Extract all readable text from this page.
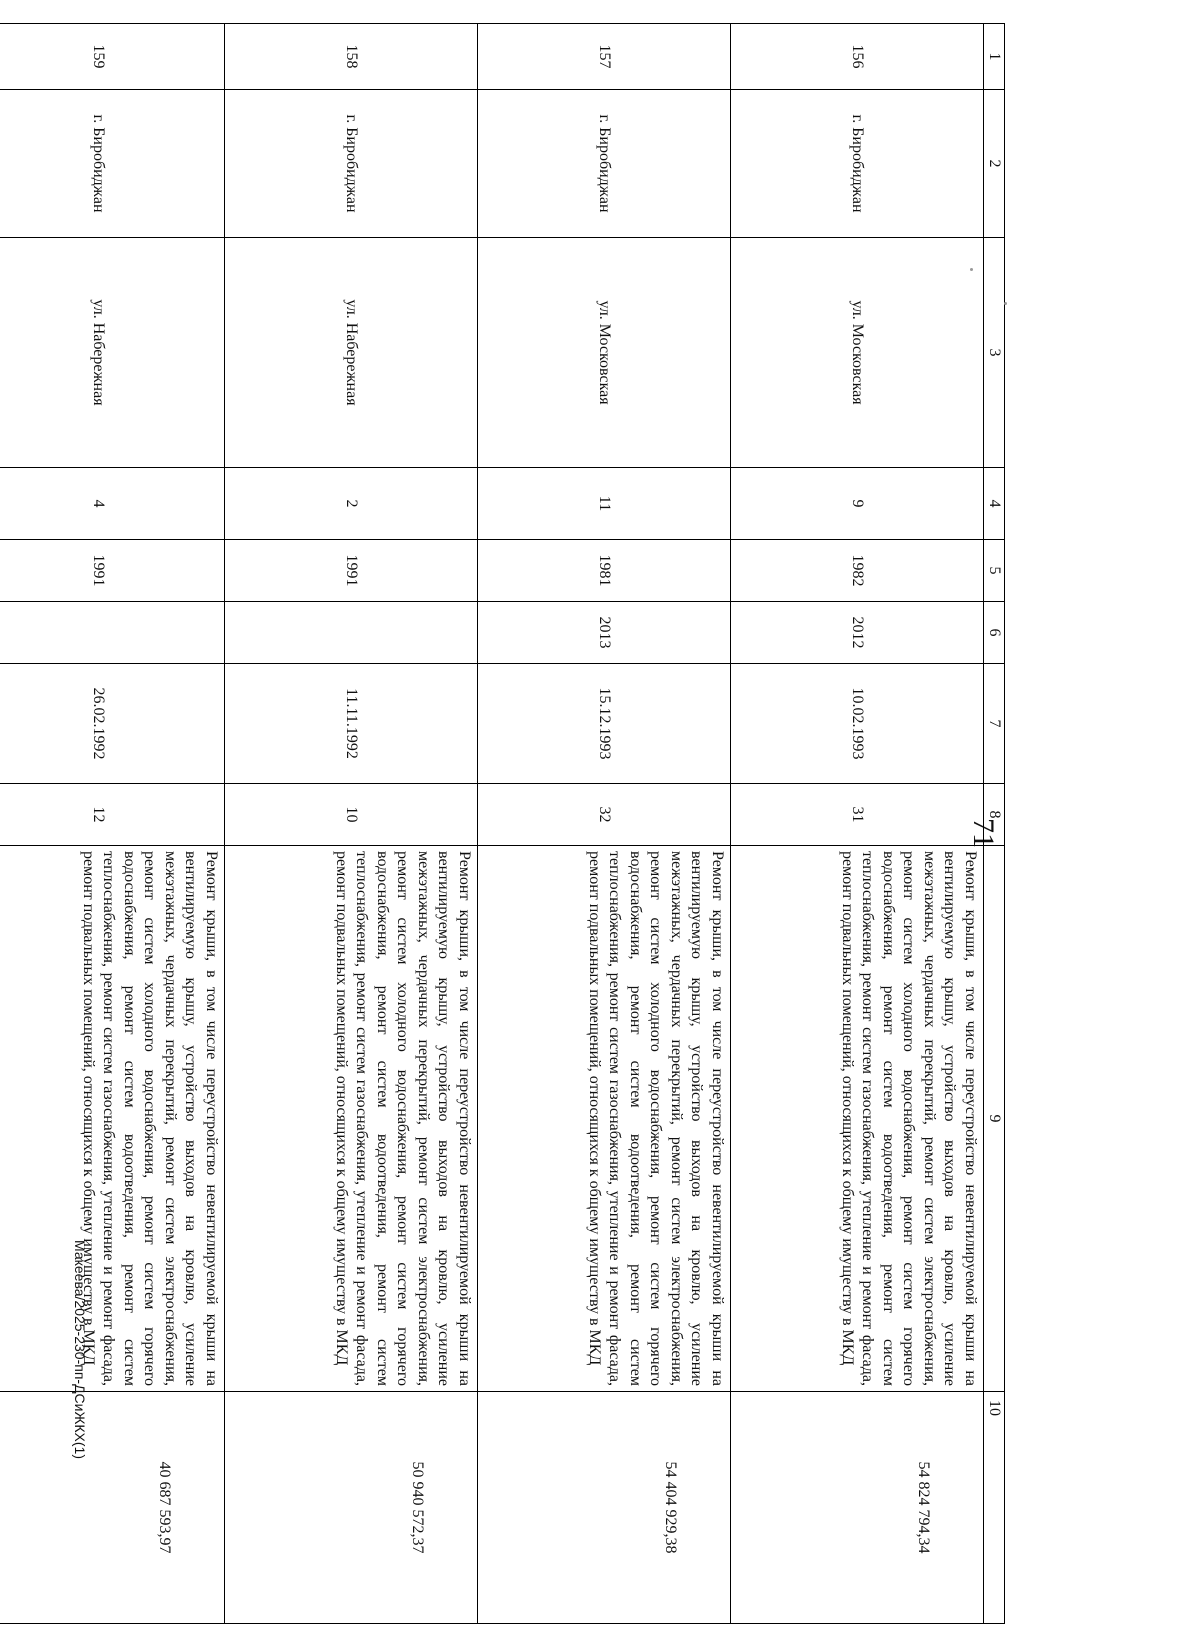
71
1	2	3	4	5	6	7	8	9	10
156	г. Биробиджан	ул. Московская	9	1982	2012	10.02.1993	31	Ремонт крыши, в том числе переустройство невентилируемой крыши на вентилируемую крышу, устройство выходов на кровлю, усиление межэтажных, чердачных перекрытий, ремонт систем электроснабжения, ремонт систем холодного водоснабжения, ремонт систем горячего водоснабжения, ремонт систем водоотведения, ремонт систем теплоснабжения, ремонт систем газоснабжения, утепление и ремонт фасада, ремонт подвальных помещений, относящихся к общему имуществу в МКД	54 824 794,34
157	г. Биробиджан	ул. Московская	11	1981	2013	15.12.1993	32	Ремонт крыши, в том числе переустройство невентилируемой крыши на вентилируемую крышу, устройство выходов на кровлю, усиление межэтажных, чердачных перекрытий, ремонт систем электроснабжения, ремонт систем холодного водоснабжения, ремонт систем горячего водоснабжения, ремонт систем водоотведения, ремонт систем теплоснабжения, ремонт систем газоснабжения, утепление и ремонт фасада, ремонт подвальных помещений, относящихся к общему имуществу в МКД	54 404 929,38
158	г. Биробиджан	ул. Набережная	2	1991		11.11.1992	10	Ремонт крыши, в том числе переустройство невентилируемой крыши на вентилируемую крышу, устройство выходов на кровлю, усиление межэтажных, чердачных перекрытий, ремонт систем электроснабжения, ремонт систем холодного водоснабжения, ремонт систем горячего водоснабжения, ремонт систем водоотведения, ремонт систем теплоснабжения, ремонт систем газоснабжения, утепление и ремонт фасада, ремонт подвальных помещений, относящихся к общему имуществу в МКД	50 940 572,37
159	г. Биробиджан	ул. Набережная	4	1991		26.02.1992	12	Ремонт крыши, в том числе переустройство невентилируемой крыши на вентилируемую крышу, устройство выходов на кровлю, усиление межэтажных, чердачных перекрытий, ремонт систем электроснабжения, ремонт систем холодного водоснабжения, ремонт систем горячего водоснабжения, ремонт систем водоотведения, ремонт систем теплоснабжения, ремонт систем газоснабжения, утепление и ремонт фасада, ремонт подвальных помещений, относящихся к общему имуществу в МКД	40 687 593,97
Макеева/2025-230-пп-ДСиЖКХ(1)
